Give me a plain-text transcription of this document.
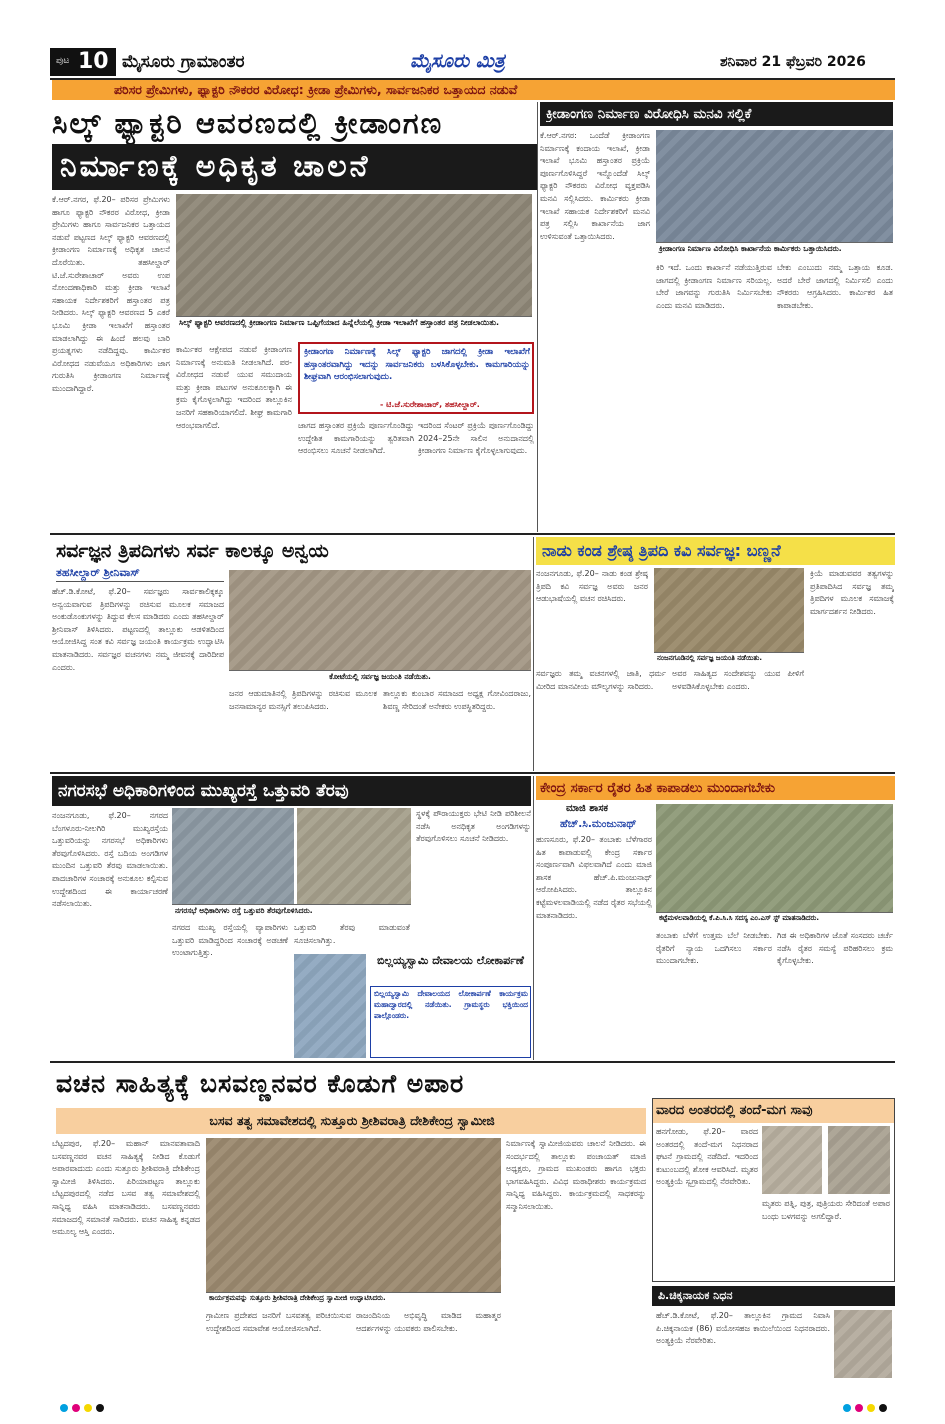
ಪುಟ 10 ಮೈಸೂರು ಗ್ರಾಮಾಂತರ	ಮೈಸೂರು ಮಿತ್ರ	ಶನಿವಾರ 21 ಫೆಬ್ರವರಿ 2026
ಪರಿಸರ ಪ್ರೇಮಿಗಳು, ಫ್ಯಾಕ್ಟರಿ ನೌಕರರ ವಿರೋಧ: ಕ್ರೀಡಾ ಪ್ರೇಮಿಗಳು, ಸಾರ್ವಜನಿಕರ ಒತ್ತಾಯದ ನಡುವೆ
ಸಿಲ್ಕ್ ಫ್ಯಾಕ್ಟರಿ ಆವರಣದಲ್ಲಿ ಕ್ರೀಡಾಂಗಣ
ನಿರ್ಮಾಣಕ್ಕೆ ಅಧಿಕೃತ ಚಾಲನೆ
ಕೆ.ಆರ್.ನಗರ, ಫೆ.20– ಪರಿಸರ ಪ್ರೇಮಿಗಳು ಹಾಗೂ ಫ್ಯಾಕ್ಟರಿ ನೌಕರರ ವಿರೋಧ, ಕ್ರೀಡಾ ಪ್ರೇಮಿಗಳು ಹಾಗೂ ಸಾರ್ವಜನಿಕರ ಒತ್ತಾಯದ ನಡುವೆ ಪಟ್ಟಣದ ಸಿಲ್ಕ್ ಫ್ಯಾಕ್ಟರಿ ಆವರಣದಲ್ಲಿ ಕ್ರೀಡಾಂಗಣ ನಿರ್ಮಾಣಕ್ಕೆ ಅಧಿಕೃತ ಚಾಲನೆ ದೊರೆಯಿತು. ತಹಸೀಲ್ದಾರ್ ಟಿ.ಜೆ.ಸುರೇಶಾಚಾರ್ ಅವರು ಉಪ ನೋಂದಣಾಧಿಕಾರಿ ಮತ್ತು ಕ್ರೀಡಾ ಇಲಾಖೆ ಸಹಾಯಕ ನಿರ್ದೇಶಕರಿಗೆ ಹಸ್ತಾಂತರ ಪತ್ರ ನೀಡಿದರು. ಸಿಲ್ಕ್ ಫ್ಯಾಕ್ಟರಿ ಆವರಣದ 5 ಎಕರೆ ಭೂಮಿ ಕ್ರೀಡಾ ಇಲಾಖೆಗೆ ಹಸ್ತಾಂತರ ಮಾಡಲಾಗಿದ್ದು ಈ ಹಿಂದೆ ಹಲವು ಬಾರಿ ಪ್ರಯತ್ನಗಳು ನಡೆದಿದ್ದವು. ಕಾರ್ಮಿಕರ ವಿರೋಧದ ನಡುವೆಯೂ ಅಧಿಕಾರಿಗಳು ಜಾಗ ಗುರುತಿಸಿ ಕ್ರೀಡಾಂಗಣ ನಿರ್ಮಾಣಕ್ಕೆ ಮುಂದಾಗಿದ್ದಾರೆ.
ಸಿಲ್ಕ್ ಫ್ಯಾಕ್ಟರಿ ಆವರಣದಲ್ಲಿ ಕ್ರೀಡಾಂಗಣ ನಿರ್ಮಾಣ ಒಪ್ಪಿಗೆಯಾದ ಹಿನ್ನೆಲೆಯಲ್ಲಿ ಕ್ರೀಡಾ ಇಲಾಖೆಗೆ ಹಸ್ತಾಂತರ ಪತ್ರ ನೀಡಲಾಯಿತು.
ಕಾರ್ಮಿಕರ ಆಕ್ಷೇಪದ ನಡುವೆ ಕ್ರೀಡಾಂಗಣ ನಿರ್ಮಾಣಕ್ಕೆ ಅನುಮತಿ ನೀಡಲಾಗಿದೆ. ಪರ-ವಿರೋಧದ ನಡುವೆ ಯುವ ಸಮುದಾಯ ಮತ್ತು ಕ್ರೀಡಾ ಪಟುಗಳ ಅನುಕೂಲಕ್ಕಾಗಿ ಈ ಕ್ರಮ ಕೈಗೊಳ್ಳಲಾಗಿದ್ದು ಇದರಿಂದ ತಾಲ್ಲೂಕಿನ ಜನರಿಗೆ ಸಹಕಾರಿಯಾಗಲಿದೆ. ಶೀಘ್ರ ಕಾಮಗಾರಿ ಆರಂಭವಾಗಲಿದೆ.
ಕ್ರೀಡಾಂಗಣ ನಿರ್ಮಾಣಕ್ಕೆ ಸಿಲ್ಕ್ ಫ್ಯಾಕ್ಟರಿ ಜಾಗದಲ್ಲಿ ಕ್ರೀಡಾ ಇಲಾಖೆಗೆ ಹಸ್ತಾಂತರವಾಗಿದ್ದು ಇದನ್ನು ಸಾರ್ವಜನಿಕರು ಬಳಸಿಕೊಳ್ಳಬೇಕು. ಕಾಮಗಾರಿಯನ್ನು ಶೀಘ್ರವಾಗಿ ಆರಂಭಿಸಲಾಗುವುದು.
- ಟಿ.ಜೆ.ಸುರೇಶಾಚಾರ್, ತಹಸೀಲ್ದಾರ್.
ಜಾಗದ ಹಸ್ತಾಂತರ ಪ್ರಕ್ರಿಯೆ ಪೂರ್ಣಗೊಂಡಿದ್ದು ಉದ್ದೇಶಿತ ಕಾಮಗಾರಿಯನ್ನು ತ್ವರಿತವಾಗಿ ಆರಂಭಿಸಲು ಸೂಚನೆ ನೀಡಲಾಗಿದೆ.
ಇದರಿಂದ ಸೆಂಟರ್ ಪ್ರಕ್ರಿಯೆ ಪೂರ್ಣಗೊಂಡಿದ್ದು 2024–25ನೇ ಸಾಲಿನ ಅನುದಾನದಲ್ಲಿ ಕ್ರೀಡಾಂಗಣ ನಿರ್ಮಾಣ ಕೈಗೊಳ್ಳಲಾಗುವುದು.
ಕ್ರೀಡಾಂಗಣ ನಿರ್ಮಾಣ ವಿರೋಧಿಸಿ ಮನವಿ ಸಲ್ಲಿಕೆ
ಕೆ.ಆರ್.ನಗರ: ಒಂದೆಡೆ ಕ್ರೀಡಾಂಗಣ ನಿರ್ಮಾಣಕ್ಕೆ ಕಂದಾಯ ಇಲಾಖೆ, ಕ್ರೀಡಾ ಇಲಾಖೆ ಭೂಮಿ ಹಸ್ತಾಂತರ ಪ್ರಕ್ರಿಯೆ ಪೂರ್ಣಗೊಳಿಸಿದ್ದರೆ ಇನ್ನೊಂದೆಡೆ ಸಿಲ್ಕ್ ಫ್ಯಾಕ್ಟರಿ ನೌಕರರು ವಿರೋಧ ವ್ಯಕ್ತಪಡಿಸಿ ಮನವಿ ಸಲ್ಲಿಸಿದರು. ಕಾರ್ಮಿಕರು ಕ್ರೀಡಾ ಇಲಾಖೆ ಸಹಾಯಕ ನಿರ್ದೇಶಕರಿಗೆ ಮನವಿ ಪತ್ರ ಸಲ್ಲಿಸಿ ಕಾರ್ಖಾನೆಯ ಜಾಗ ಉಳಿಸುವಂತೆ ಒತ್ತಾಯಿಸಿದರು.
ಕ್ರೀಡಾಂಗಣ ನಿರ್ಮಾಣ ವಿರೋಧಿಸಿ ಕಾರ್ಖಾನೆಯ ಕಾರ್ಮಿಕರು ಒತ್ತಾಯಿಸಿದರು.
ಕಿರಿ ಇದೆ. ಒಂದು ಕಾರ್ಖಾನೆ ನಡೆಯುತ್ತಿರುವ ಜಾಗದಲ್ಲಿ ಕ್ರೀಡಾಂಗಣ ನಿರ್ಮಾಣ ಸರಿಯಲ್ಲ. ಬೇರೆ ಜಾಗವನ್ನು ಗುರುತಿಸಿ ನಿರ್ಮಿಸಬೇಕು ಎಂದು ಮನವಿ ಮಾಡಿದರು.
ಬೇಕು ಎಂಬುದು ನಮ್ಮ ಒತ್ತಾಯ ಕೂಡ. ಅದರೆ ಬೇರೆ ಜಾಗದಲ್ಲಿ ನಿರ್ಮಿಸಲಿ ಎಂದು ನೌಕರರು ಆಗ್ರಹಿಸಿದರು. ಕಾರ್ಮಿಕರ ಹಿತ ಕಾಪಾಡಬೇಕು.
ಸರ್ವಜ್ಞನ ತ್ರಿಪದಿಗಳು ಸರ್ವ ಕಾಲಕ್ಕೂ ಅನ್ವಯ
ತಹಸೀಲ್ದಾರ್ ಶ್ರೀನಿವಾಸ್
ಹೆಚ್.ಡಿ.ಕೋಟೆ, ಫೆ.20– ಸರ್ವಜ್ಞರು ಸಾರ್ವಕಾಲಿಕ್ಕಕ್ಕೂ ಅನ್ವಯವಾಗುವ ತ್ರಿಪದಿಗಳನ್ನು ರಚಿಸುವ ಮೂಲಕ ಸಮಾಜದ ಅಂಕುಡೊಂಕುಗಳನ್ನು ತಿದ್ದುವ ಕೆಲಸ ಮಾಡಿದರು ಎಂದು ತಹಸೀಲ್ದಾರ್ ಶ್ರೀನಿವಾಸ್ ತಿಳಿಸಿದರು. ಪಟ್ಟಣದಲ್ಲಿ ತಾಲ್ಲೂಕು ಆಡಳಿತದಿಂದ ಆಯೋಜಿಸಿದ್ದ ಸಂತ ಕವಿ ಸರ್ವಜ್ಞ ಜಯಂತಿ ಕಾರ್ಯಕ್ರಮ ಉದ್ಘಾಟಿಸಿ ಮಾತನಾಡಿದರು. ಸರ್ವಜ್ಞರ ವಚನಗಳು ನಮ್ಮ ಜೀವನಕ್ಕೆ ದಾರಿದೀಪ ಎಂದರು.
ಕೋಟೆಯಲ್ಲಿ ಸರ್ವಜ್ಞ ಜಯಂತಿ ನಡೆಯಿತು.
ಜನರ ಆಡುಮಾತಿನಲ್ಲಿ ತ್ರಿಪದಿಗಳನ್ನು ರಚಿಸುವ ಮೂಲಕ ಜನಸಾಮಾನ್ಯರ ಮನಸ್ಸಿಗೆ ತಲುಪಿಸಿದರು.
ತಾಲ್ಲೂಕು ಕುಂಬಾರ ಸಮಾಜದ ಅಧ್ಯಕ್ಷ ಗೋವಿಂದರಾಜು, ಶಿವಣ್ಣ ಸೇರಿದಂತೆ ಅನೇಕರು ಉಪಸ್ಥಿತರಿದ್ದರು.
ನಾಡು ಕಂಡ ಶ್ರೇಷ್ಠ ತ್ರಿಪದಿ ಕವಿ ಸರ್ವಜ್ಞ: ಬಣ್ಣನೆ
ನಂಜನಗೂಡು, ಫೆ.20– ನಾಡು ಕಂಡ ಶ್ರೇಷ್ಠ ತ್ರಿಪದಿ ಕವಿ ಸರ್ವಜ್ಞ ಅವರು ಜನರ ಆಡುಭಾಷೆಯಲ್ಲಿ ವಚನ ರಚಿಸಿದರು.
ನಂಜನಗೂಡಿನಲ್ಲಿ ಸರ್ವಜ್ಞ ಜಯಂತಿ ನಡೆಯಿತು.
ಕ್ರಿಯೆ ಮಾಡುವವರ ತತ್ವಗಳನ್ನು ಪ್ರತಿಪಾದಿಸಿದ ಸರ್ವಜ್ಞ ತಮ್ಮ ತ್ರಿಪದಿಗಳ ಮೂಲಕ ಸಮಾಜಕ್ಕೆ ಮಾರ್ಗದರ್ಶನ ನೀಡಿದರು.
ಸರ್ವಜ್ಞರು ತಮ್ಮ ವಚನಗಳಲ್ಲಿ ಜಾತಿ, ಧರ್ಮ ಮೀರಿದ ಮಾನವೀಯ ಮೌಲ್ಯಗಳನ್ನು ಸಾರಿದರು.
ಅವರ ಸಾಹಿತ್ಯದ ಸಂದೇಶವನ್ನು ಯುವ ಪೀಳಿಗೆ ಅಳವಡಿಸಿಕೊಳ್ಳಬೇಕು ಎಂದರು.
ನಗರಸಭೆ ಅಧಿಕಾರಿಗಳಿಂದ ಮುಖ್ಯರಸ್ತೆ ಒತ್ತುವರಿ ತೆರವು
ನಂಜನಗೂಡು, ಫೆ.20– ನಗರದ ಬೆಂಗಳೂರು-ನೀಲಗಿರಿ ಮುಖ್ಯರಸ್ತೆಯ ಒತ್ತುವರಿಯನ್ನು ನಗರಸಭೆ ಅಧಿಕಾರಿಗಳು ತೆರವುಗೊಳಿಸಿದರು. ರಸ್ತೆ ಬದಿಯ ಅಂಗಡಿಗಳ ಮುಂದಿನ ಒತ್ತುವರಿ ತೆರವು ಮಾಡಲಾಯಿತು. ಪಾದಚಾರಿಗಳ ಸಂಚಾರಕ್ಕೆ ಅನುಕೂಲ ಕಲ್ಪಿಸುವ ಉದ್ದೇಶದಿಂದ ಈ ಕಾರ್ಯಾಚರಣೆ ನಡೆಸಲಾಯಿತು.
ನಗರಸಭೆ ಅಧಿಕಾರಿಗಳು ರಸ್ತೆ ಒತ್ತುವರಿ ತೆರವುಗೊಳಿಸಿದರು.
ಸ್ಥಳಕ್ಕೆ ಪೌರಾಯುಕ್ತರು ಭೇಟಿ ನೀಡಿ ಪರಿಶೀಲನೆ ನಡೆಸಿ ಅನಧಿಕೃತ ಅಂಗಡಿಗಳನ್ನು ತೆರವುಗೊಳಿಸಲು ಸೂಚನೆ ನೀಡಿದರು.
ನಗರದ ಮುಖ್ಯ ರಸ್ತೆಯಲ್ಲಿ ವ್ಯಾಪಾರಿಗಳು ಒತ್ತುವರಿ ಮಾಡಿದ್ದರಿಂದ ಸಂಚಾರಕ್ಕೆ ಅಡಚಣೆ ಉಂಟಾಗುತ್ತಿತ್ತು.
ಒತ್ತುವರಿ ತೆರವು ಮಾಡುವಂತೆ ಸೂಚಿಸಲಾಗಿತ್ತು.
ಬಿಲ್ಲಯ್ಯಸ್ವಾಮಿ ದೇವಾಲಯ ಲೋಕಾರ್ಪಣೆ
ಬಿಲ್ಲಯ್ಯಸ್ವಾಮಿ ದೇವಾಲಯದ ಲೋಕಾರ್ಪಣೆ ಕಾರ್ಯಕ್ರಮ ಮಹಾದ್ವಾರದಲ್ಲಿ ನಡೆಯಿತು. ಗ್ರಾಮಸ್ಥರು ಭಕ್ತಿಯಿಂದ ಪಾಲ್ಗೊಂಡರು.
ಕೇಂದ್ರ ಸರ್ಕಾರ ರೈತರ ಹಿತ ಕಾಪಾಡಲು ಮುಂದಾಗಬೇಕು
ಮಾಜಿ ಶಾಸಕ
ಹೆಚ್.ಸಿ.ಮಂಜುನಾಥ್
ಹುಣಸೂರು, ಫೆ.20– ತಂಬಾಕು ಬೆಳೆಗಾರರ ಹಿತ ಕಾಪಾಡುವಲ್ಲಿ ಕೇಂದ್ರ ಸರ್ಕಾರ ಸಂಪೂರ್ಣವಾಗಿ ವಿಫಲವಾಗಿದೆ ಎಂದು ಮಾಜಿ ಶಾಸಕ ಹೆಚ್.ಪಿ.ಮಂಜುನಾಥ್ ಆರೋಪಿಸಿದರು. ತಾಲ್ಲೂಕಿನ ಕಟ್ಟೆಮಳಲವಾಡಿಯಲ್ಲಿ ನಡೆದ ರೈತರ ಸಭೆಯಲ್ಲಿ ಮಾತನಾಡಿದರು.	ಕಟ್ಟೆಮಳಲವಾಡಿಯಲ್ಲಿ ಕೆ.ಪಿ.ಸಿ.ಸಿ ಸದಸ್ಯ ಎಂ.ಎಸ್ ಸ್ಟ್ ಮಾತನಾಡಿದರು.
ತಂಬಾಕು ಬೆಳೆಗೆ ಉತ್ತಮ ಬೆಲೆ ನೀಡಬೇಕು. ರೈತರಿಗೆ ನ್ಯಾಯ ಒದಗಿಸಲು ಸರ್ಕಾರ ಮುಂದಾಗಬೇಕು.
ಗಿಡ ಈ ಅಧಿಕಾರಿಗಳ ಜೊತೆ ಸಂಸದರು ಚರ್ಚೆ ನಡೆಸಿ ರೈತರ ಸಮಸ್ಯೆ ಪರಿಹರಿಸಲು ಕ್ರಮ ಕೈಗೊಳ್ಳಬೇಕು.
ವಚನ ಸಾಹಿತ್ಯಕ್ಕೆ ಬಸವಣ್ಣನವರ ಕೊಡುಗೆ ಅಪಾರ
ಬಸವ ತತ್ವ ಸಮಾವೇಶದಲ್ಲಿ ಸುತ್ತೂರು ಶ್ರೀಶಿವರಾತ್ರಿ ದೇಶಿಕೇಂದ್ರ ಸ್ವಾಮೀಜಿ
ಬೆಟ್ಟದಪುರ, ಫೆ.20– ಮಹಾನ್ ಮಾನವತಾವಾದಿ ಬಸವಣ್ಣನವರ ವಚನ ಸಾಹಿತ್ಯಕ್ಕೆ ನೀಡಿದ ಕೊಡುಗೆ ಅಪಾರವಾದುದು ಎಂದು ಸುತ್ತೂರು ಶ್ರೀಶಿವರಾತ್ರಿ ದೇಶಿಕೇಂದ್ರ ಸ್ವಾಮೀಜಿ ತಿಳಿಸಿದರು. ಪಿರಿಯಾಪಟ್ಟಣ ತಾಲ್ಲೂಕು ಬೆಟ್ಟದಪುರದಲ್ಲಿ ನಡೆದ ಬಸವ ತತ್ವ ಸಮಾವೇಶದಲ್ಲಿ ಸಾನ್ನಿಧ್ಯ ವಹಿಸಿ ಮಾತನಾಡಿದರು. ಬಸವಣ್ಣನವರು ಸಮಾಜದಲ್ಲಿ ಸಮಾನತೆ ಸಾರಿದರು. ವಚನ ಸಾಹಿತ್ಯ ಕನ್ನಡದ ಅಮೂಲ್ಯ ಆಸ್ತಿ ಎಂದರು.
ಕಾರ್ಯಕ್ರಮವನ್ನು ಸುತ್ತೂರು ಶ್ರೀಶಿವರಾತ್ರಿ ದೇಶಿಕೇಂದ್ರ ಸ್ವಾಮೀಜಿ ಉದ್ಘಾಟಿಸಿದರು.
ಗ್ರಾಮೀಣ ಪ್ರದೇಶದ ಜನರಿಗೆ ಬಸವತತ್ವ ಪರಿಚಯಿಸುವ ಉದ್ದೇಶದಿಂದ ಸಮಾವೇಶ ಆಯೋಜಿಸಲಾಗಿದೆ.
ರಾಜಂದಿನಿಯ ಅಭಿವೃದ್ಧಿ ಮಾಡಿದ ಮಹಾತ್ಮರ ಆದರ್ಶಗಳನ್ನು ಯುವಕರು ಪಾಲಿಸಬೇಕು.
ನಿರ್ಮಾಣಕ್ಕೆ ಸ್ವಾಮೀಜಿಯವರು ಚಾಲನೆ ನೀಡಿದರು. ಈ ಸಂದರ್ಭದಲ್ಲಿ ತಾಲ್ಲೂಕು ಪಂಚಾಯತ್ ಮಾಜಿ ಅಧ್ಯಕ್ಷರು, ಗ್ರಾಮದ ಮುಖಂಡರು ಹಾಗೂ ಭಕ್ತರು ಭಾಗವಹಿಸಿದ್ದರು. ವಿವಿಧ ಮಠಾಧೀಶರು ಕಾರ್ಯಕ್ರಮದ ಸಾನ್ನಿಧ್ಯ ವಹಿಸಿದ್ದರು. ಕಾರ್ಯಕ್ರಮದಲ್ಲಿ ಸಾಧಕರನ್ನು ಸನ್ಮಾನಿಸಲಾಯಿತು.
ವಾರದ ಅಂತರದಲ್ಲಿ ತಂದೆ-ಮಗ ಸಾವು
ಹನಗೋಡು, ಫೆ.20– ವಾರದ ಅಂತರದಲ್ಲಿ ತಂದೆ-ಮಗ ನಿಧನರಾದ ಘಟನೆ ಗ್ರಾಮದಲ್ಲಿ ನಡೆದಿದೆ. ಇದರಿಂದ ಕುಟುಂಬದಲ್ಲಿ ಶೋಕ ಆವರಿಸಿದೆ. ಮೃತರ ಅಂತ್ಯಕ್ರಿಯೆ ಸ್ವಗ್ರಾಮದಲ್ಲಿ ನೆರವೇರಿತು.
ಮೃತರು ಪತ್ನಿ, ಪುತ್ರ, ಪುತ್ರಿಯರು ಸೇರಿದಂತೆ ಅಪಾರ ಬಂಧು ಬಳಗವನ್ನು ಅಗಲಿದ್ದಾರೆ.
ಪಿ.ಚಿಕ್ಕನಾಯಕ ನಿಧನ
ಹೆಚ್.ಡಿ.ಕೋಟೆ, ಫೆ.20– ತಾಲ್ಲೂಕಿನ ಗ್ರಾಮದ ನಿವಾಸಿ ಪಿ.ಚಿಕ್ಕನಾಯಕ (86) ವಯೋಸಹಜ ಕಾಯಿಲೆಯಿಂದ ನಿಧನರಾದರು. ಅಂತ್ಯಕ್ರಿಯೆ ನೆರವೇರಿತು.
